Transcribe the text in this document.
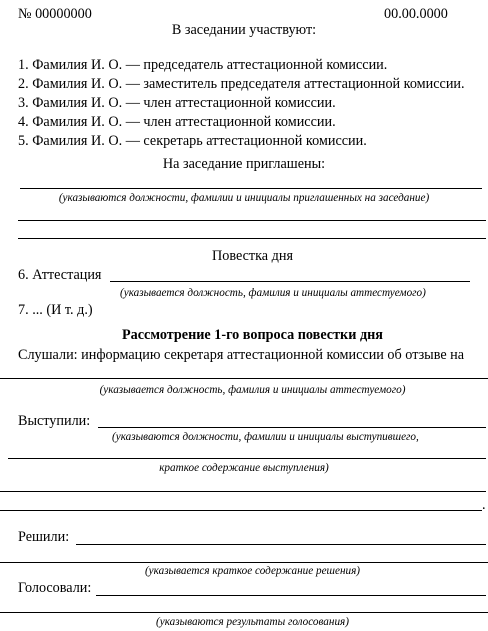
№ 00000000	00.00.0000
В заседании участвуют:
1. Фамилия И. О. — председатель аттестационной комиссии.
2. Фамилия И. О. — заместитель председателя аттестационной комиссии.
3. Фамилия И. О. — член аттестационной комиссии.
4. Фамилия И. О. — член аттестационной комиссии.
5. Фамилия И. О. — секретарь аттестационной комиссии.
На заседание приглашены:
(указываются должности, фамилии и инициалы приглашенных на заседание)
Повестка дня
6. Аттестация
(указывается должность, фамилия и инициалы аттестуемого)
7. ... (И т. д.)
Рассмотрение 1-го вопроса повестки дня
Слушали: информацию секретаря аттестационной комиссии об отзыве на
(указывается должность, фамилия и инициалы аттестуемого)
Выступили:
(указываются должности, фамилии и инициалы выступившего,
краткое содержание выступления)
.
Решили:
(указывается краткое содержание решения)
Голосовали:
(указываются результаты голосования)
